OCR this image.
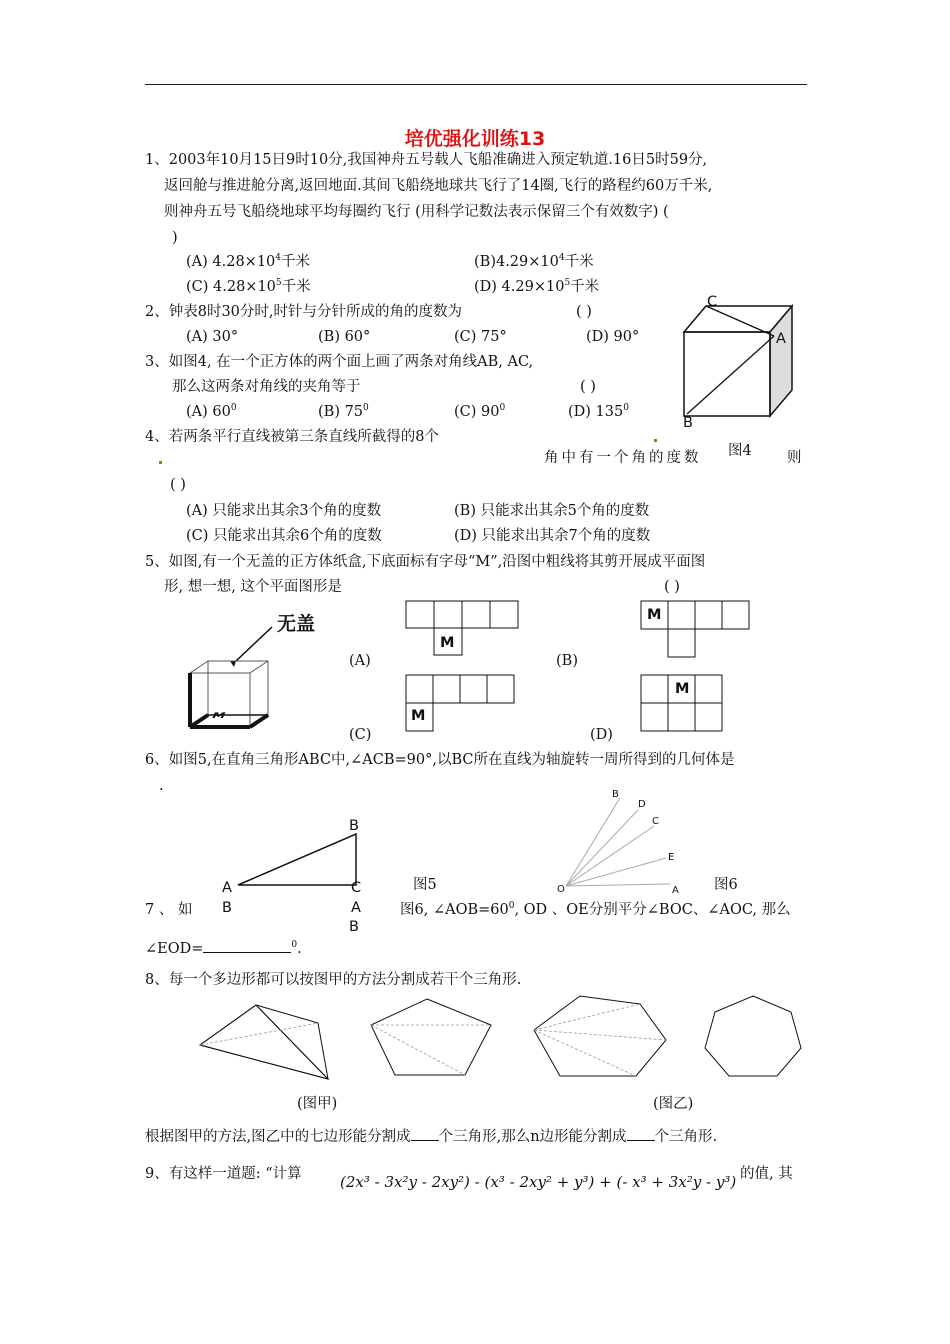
培优强化训练13
1、2003年10月15日9时10分,我国神舟五号载人飞船准确进入预定轨道.16日5时59分,
返回舱与推进舱分离,返回地面.其间飞船绕地球共飞行了14圈,飞行的路程约60万千米,
则神舟五号飞船绕地球平均每圈约飞行 (用科学记数法表示保留三个有效数字) (
)
(A) $4.28\times 10^4$千米	$(B)4.29\times 10^4$千米
(C) $4.28\times 10^5$千米	(D) $4.29\times 10^5$千米
2、钟表8时30分时,时针与分针所成的角的度数为	( )
(A) 30°	(B) 60°	(C) 75°	(D) 90°
3、如图4, 在一个正方体的两个面上画了两条对角线AB, AC,
那么这两条对角线的夹角等于	( )
(A) $60^0$	(B) $75^0$	(C) $90^0$	(D) $135^0$
C
A
B
图4
4、若两条平行直线被第三条直线所截得的8个
角中有一个角的度数	则
( )
(A) 只能求出其余3个角的度数	(B) 只能求出其余5个角的度数
(C) 只能求出其余6个角的度数	(D) 只能求出其余7个角的度数
5、如图,有一个无盖的正方体纸盒,下底面标有字母“M”,沿图中粗线将其剪开展成平面图
形, 想一想, 这个平面图形是	( )
无盖
M
M
(A)
M
(B)
M
(C)
M
(D)
6、如图5,在直角三角形ABC中,∠ACB=90°,以BC所在直线为轴旋转一周所得到的几何体是
.
B
A	C	图5
B
D
C
E
O	A 图6
7 、 如 B	A
B
图6, $\angle AOB=60^0$, OD 、OE分别平分∠BOC、∠AOC, 那么
∠EOD=	$^0$.
8、每一个多边形都可以按图甲的方法分割成若干个三角形.
(图甲)	(图乙)
根据图甲的方法,图乙中的七边形能分割成 个三角形,那么n边形能分割成 个三角形.
9、有这样一道题: “计算	(2x³ - 3x²y - 2xy²) - (x³ - 2xy² + y³) + (- x³ + 3x²y - y³) 的值, 其
